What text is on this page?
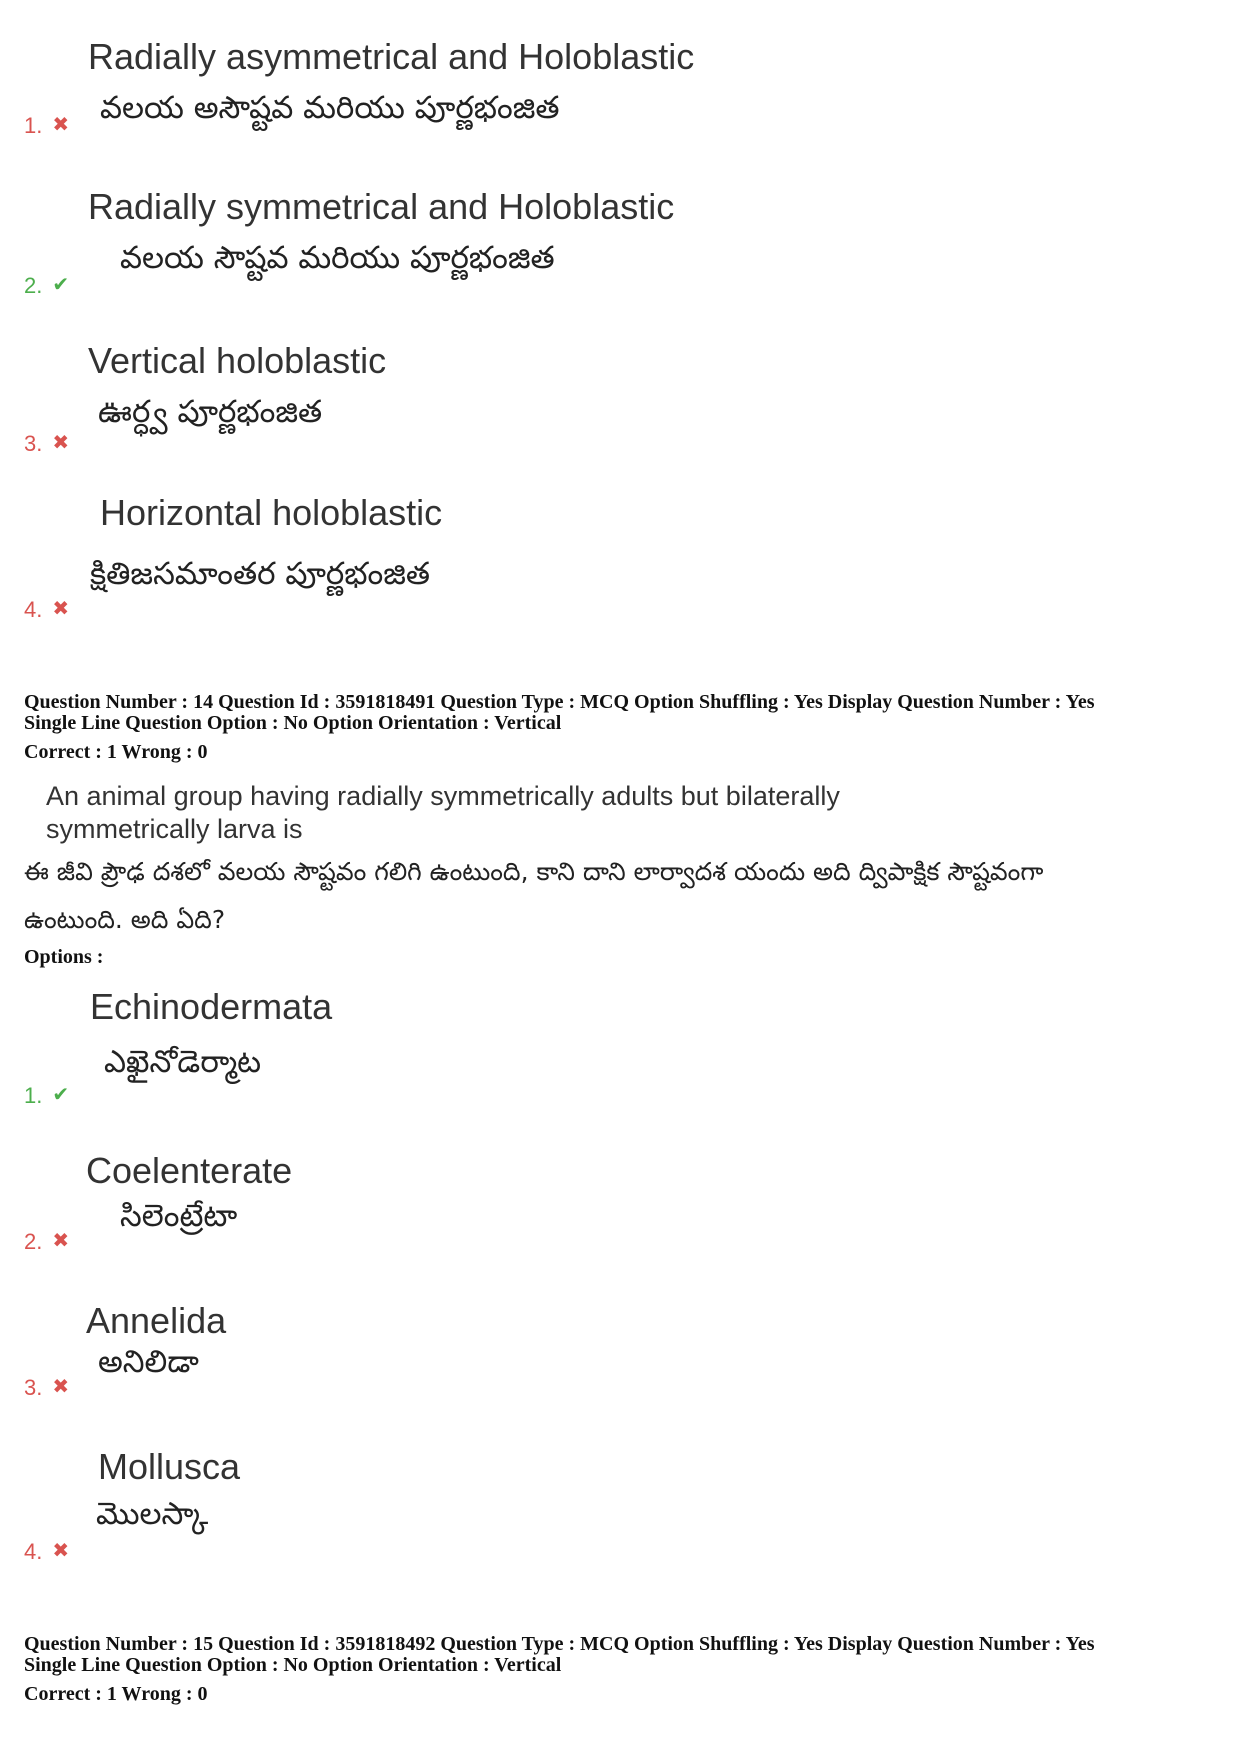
Radially asymmetrical and Holoblastic
వలయ అసౌష్టవ మరియు పూర్ణభంజిత
1. ✖
Radially symmetrical and Holoblastic
వలయ సౌష్టవ మరియు పూర్ణభంజిత
2. ✔
Vertical holoblastic
ఊర్ధ్వ పూర్ణభంజిత
3. ✖
Horizontal holoblastic
క్షితిజసమాంతర పూర్ణభంజిత
4. ✖
Question Number : 14 Question Id : 3591818491 Question Type : MCQ Option Shuffling : Yes Display Question Number : Yes
Single Line Question Option : No Option Orientation : Vertical
Correct : 1 Wrong : 0
An animal group having radially symmetrically adults but bilaterally
symmetrically larva is
ఈ జీవి ప్రౌఢ దశలో వలయ సౌష్టవం గలిగి ఉంటుంది, కాని దాని లార్వాదశ యందు అది ద్విపాక్షిక సౌష్టవంగా
ఉంటుంది. అది ఏది?
Options :
Echinodermata
ఎఖైనోడెర్మాట
1. ✔
Coelenterate
సిలెంట్రేటా
2. ✖
Annelida
అనిలిడా
3. ✖
Mollusca
మొలస్కా
4. ✖
Question Number : 15 Question Id : 3591818492 Question Type : MCQ Option Shuffling : Yes Display Question Number : Yes
Single Line Question Option : No Option Orientation : Vertical
Correct : 1 Wrong : 0
